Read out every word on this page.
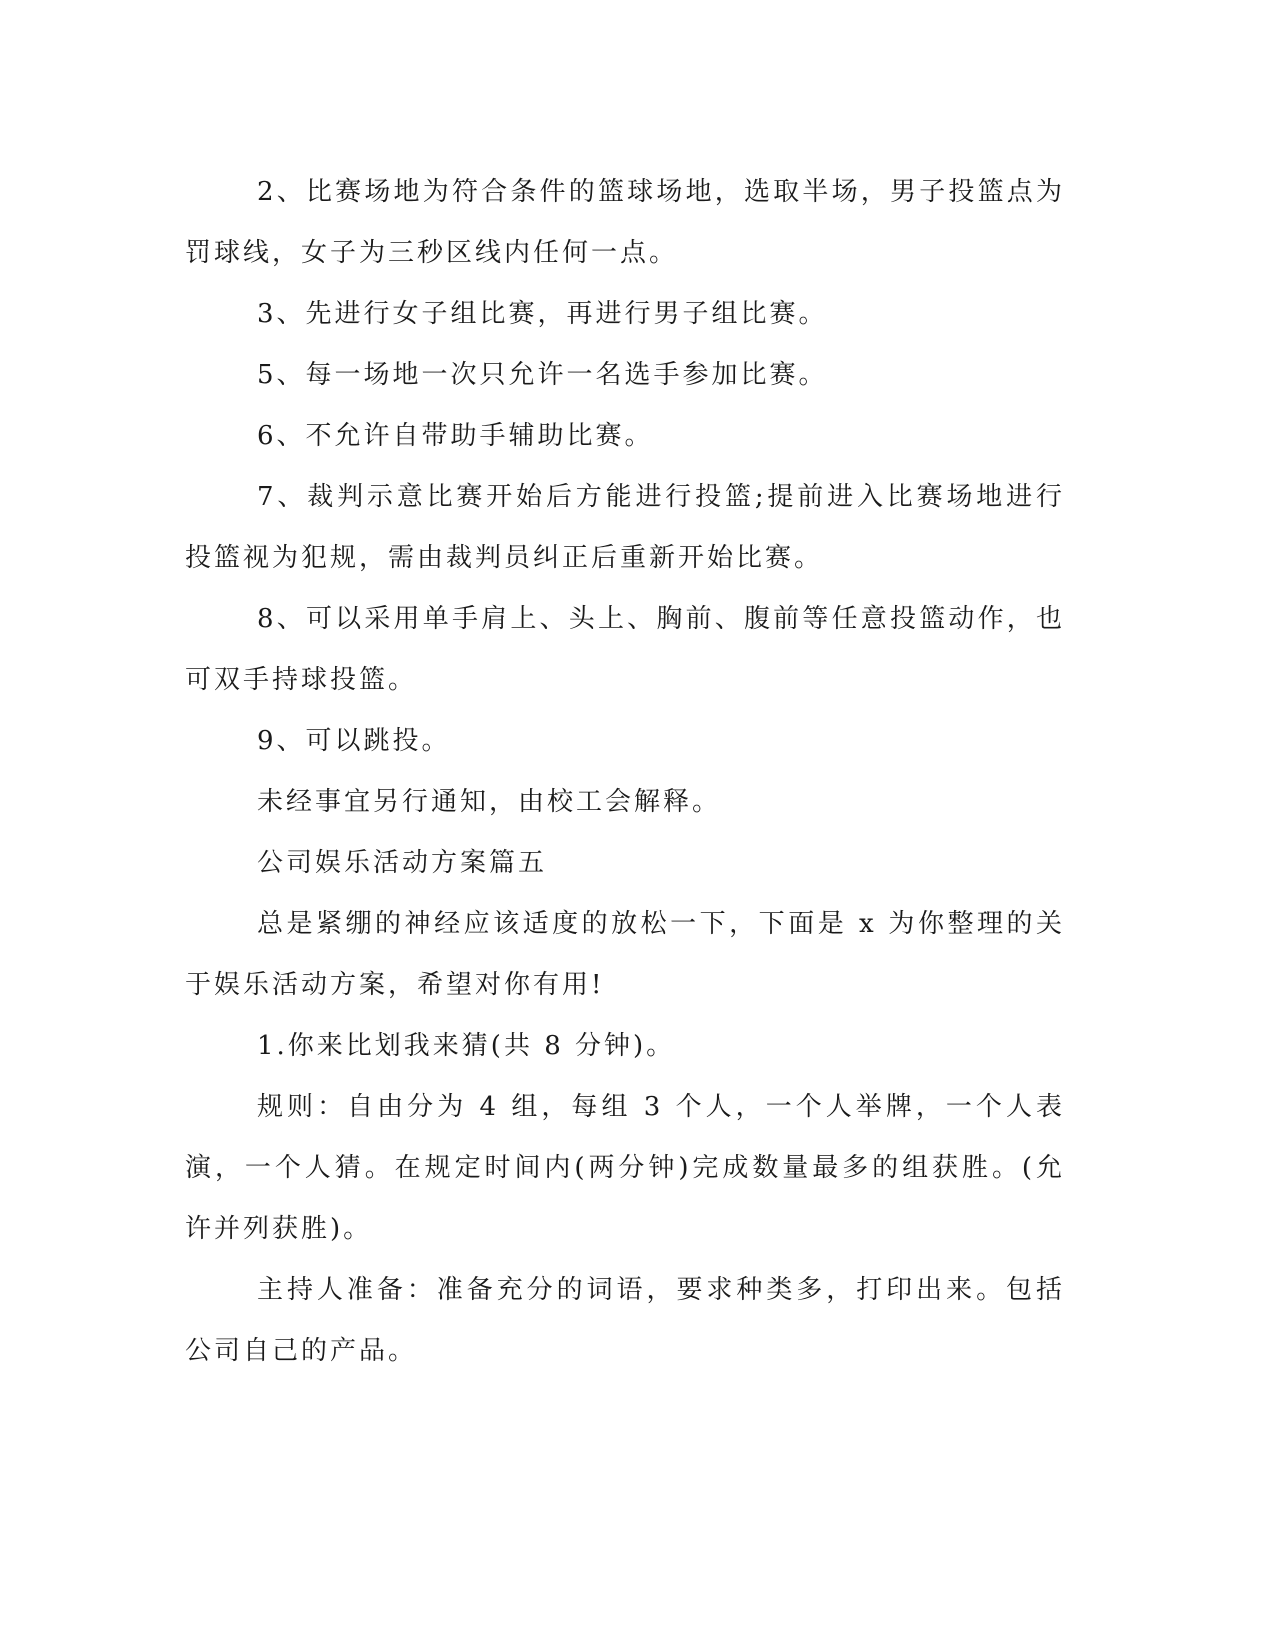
2、比赛场地为符合条件的篮球场地，选取半场，男子投篮点为罚球线，女子为三秒区线内任何一点。

3、先进行女子组比赛，再进行男子组比赛。

5、每一场地一次只允许一名选手参加比赛。

6、不允许自带助手辅助比赛。

7、裁判示意比赛开始后方能进行投篮;提前进入比赛场地进行投篮视为犯规，需由裁判员纠正后重新开始比赛。

8、可以采用单手肩上、头上、胸前、腹前等任意投篮动作，也可双手持球投篮。

9、可以跳投。

未经事宜另行通知，由校工会解释。

公司娱乐活动方案篇五

总是紧绷的神经应该适度的放松一下，下面是 x 为你整理的关于娱乐活动方案，希望对你有用!

1.你来比划我来猜(共 8 分钟)。

规则：自由分为 4 组，每组 3 个人，一个人举牌，一个人表演，一个人猜。在规定时间内(两分钟)完成数量最多的组获胜。(允许并列获胜)。

主持人准备：准备充分的词语，要求种类多，打印出来。包括公司自己的产品。
